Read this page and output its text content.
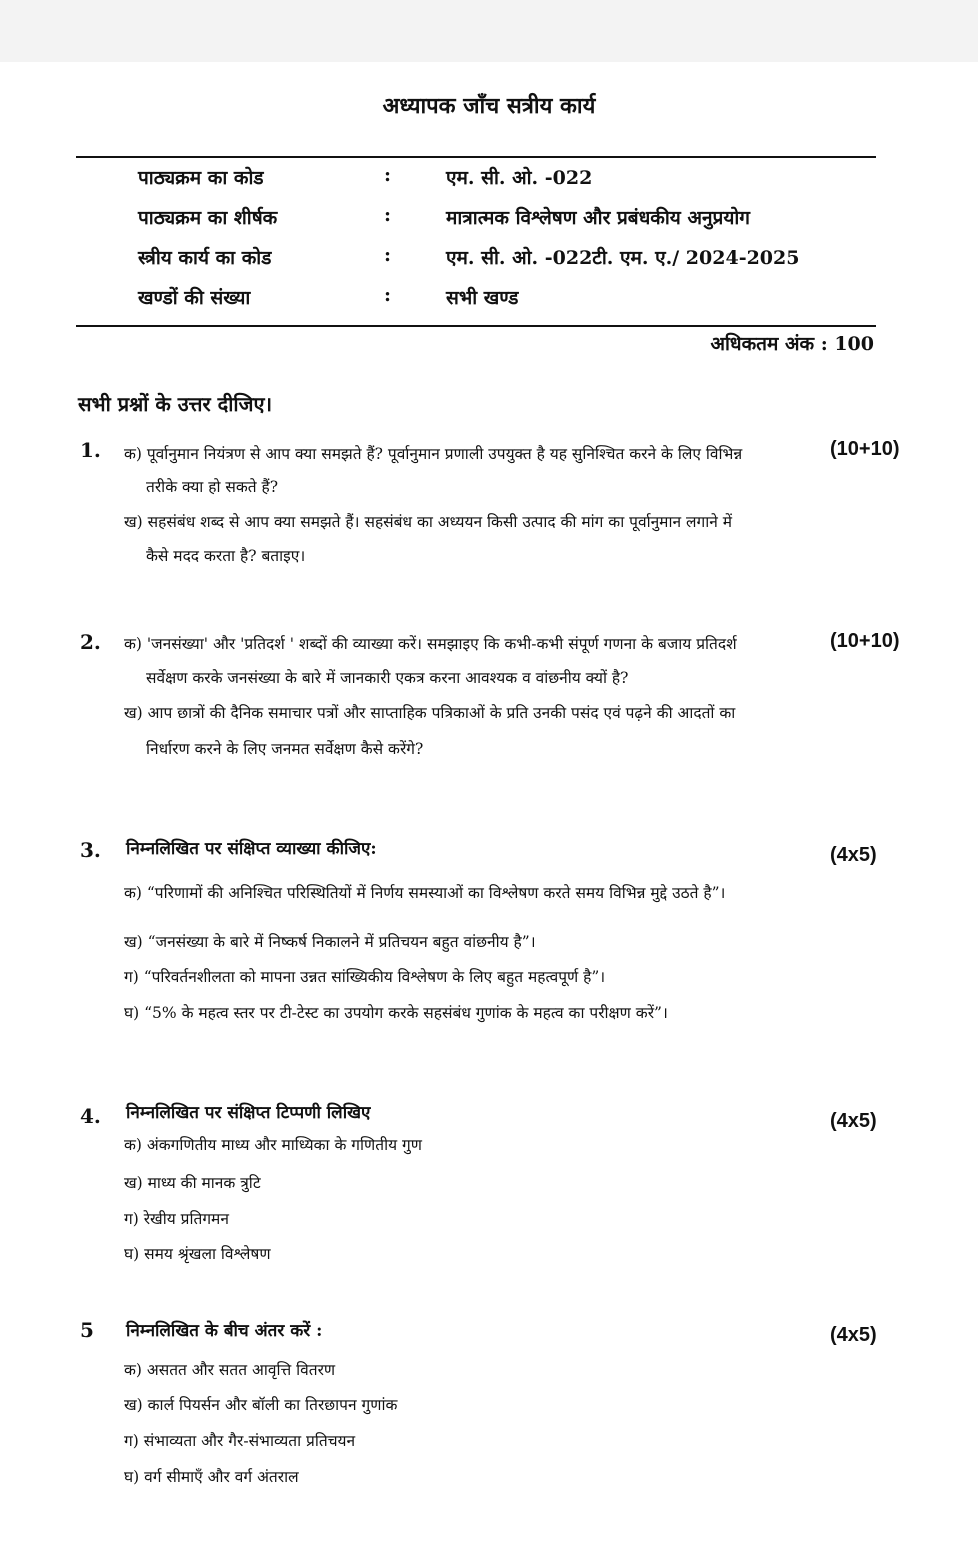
अध्यापक जाँच सत्रीय कार्य
पाठ्यक्रम का कोड	:	एम. सी. ओ. -022
पाठ्यक्रम का शीर्षक	:	मात्रात्मक विश्लेषण और प्रबंधकीय अनुप्रयोग
स्त्रीय कार्य का कोड	:	एम. सी. ओ. -022टी. एम. ए./ 2024-2025
खण्डों की संख्या	:	सभी खण्ड
अधिकतम अंक : 100
सभी प्रश्नों के उत्तर दीजिए।
1.	(10+10)
क) पूर्वानुमान नियंत्रण से आप क्या समझते हैं? पूर्वानुमान प्रणाली उपयुक्त है यह सुनिश्चित करने के लिए विभिन्न
तरीके क्या हो सकते हैं?
ख) सहसंबंध शब्द से आप क्या समझते हैं। सहसंबंध का अध्ययन किसी उत्पाद की मांग का पूर्वानुमान लगाने में
कैसे मदद करता है? बताइए।
2.	(10+10)
क) 'जनसंख्या' और 'प्रतिदर्श ' शब्दों की व्याख्या करें। समझाइए कि कभी-कभी संपूर्ण गणना के बजाय प्रतिदर्श
सर्वेक्षण करके जनसंख्या के बारे में जानकारी एकत्र करना आवश्यक व वांछनीय क्यों है?
ख) आप छात्रों की दैनिक समाचार पत्रों और साप्ताहिक पत्रिकाओं के प्रति उनकी पसंद एवं पढ़ने की आदतों का
निर्धारण करने के लिए जनमत सर्वेक्षण कैसे करेंगे?
3. निम्नलिखित पर संक्षिप्त व्याख्या कीजिए:	(4x5)
क) “परिणामों की अनिश्चित परिस्थितियों में निर्णय समस्याओं का विश्लेषण करते समय विभिन्न मुद्दे उठते है”।
ख) “जनसंख्या के बारे में निष्कर्ष निकालने में प्रतिचयन बहुत वांछनीय है”।
ग) “परिवर्तनशीलता को मापना उन्नत सांख्यिकीय विश्लेषण के लिए बहुत महत्वपूर्ण है”।
घ) “5% के महत्व स्तर पर टी-टेस्ट का उपयोग करके सहसंबंध गुणांक के महत्व का परीक्षण करें”।
4. निम्नलिखित पर संक्षिप्त टिप्पणी लिखिए	(4x5)
क) अंकगणितीय माध्य और माध्यिका के गणितीय गुण
ख) माध्य की मानक त्रुटि
ग) रेखीय प्रतिगमन
घ) समय श्रृंखला विश्लेषण
5 निम्नलिखित के बीच अंतर करें :	(4x5)
क) असतत और सतत आवृत्ति वितरण
ख) कार्ल पियर्सन और बॉली का तिरछापन गुणांक
ग) संभाव्यता और गैर-संभाव्यता प्रतिचयन
घ) वर्ग सीमाएँ और वर्ग अंतराल
